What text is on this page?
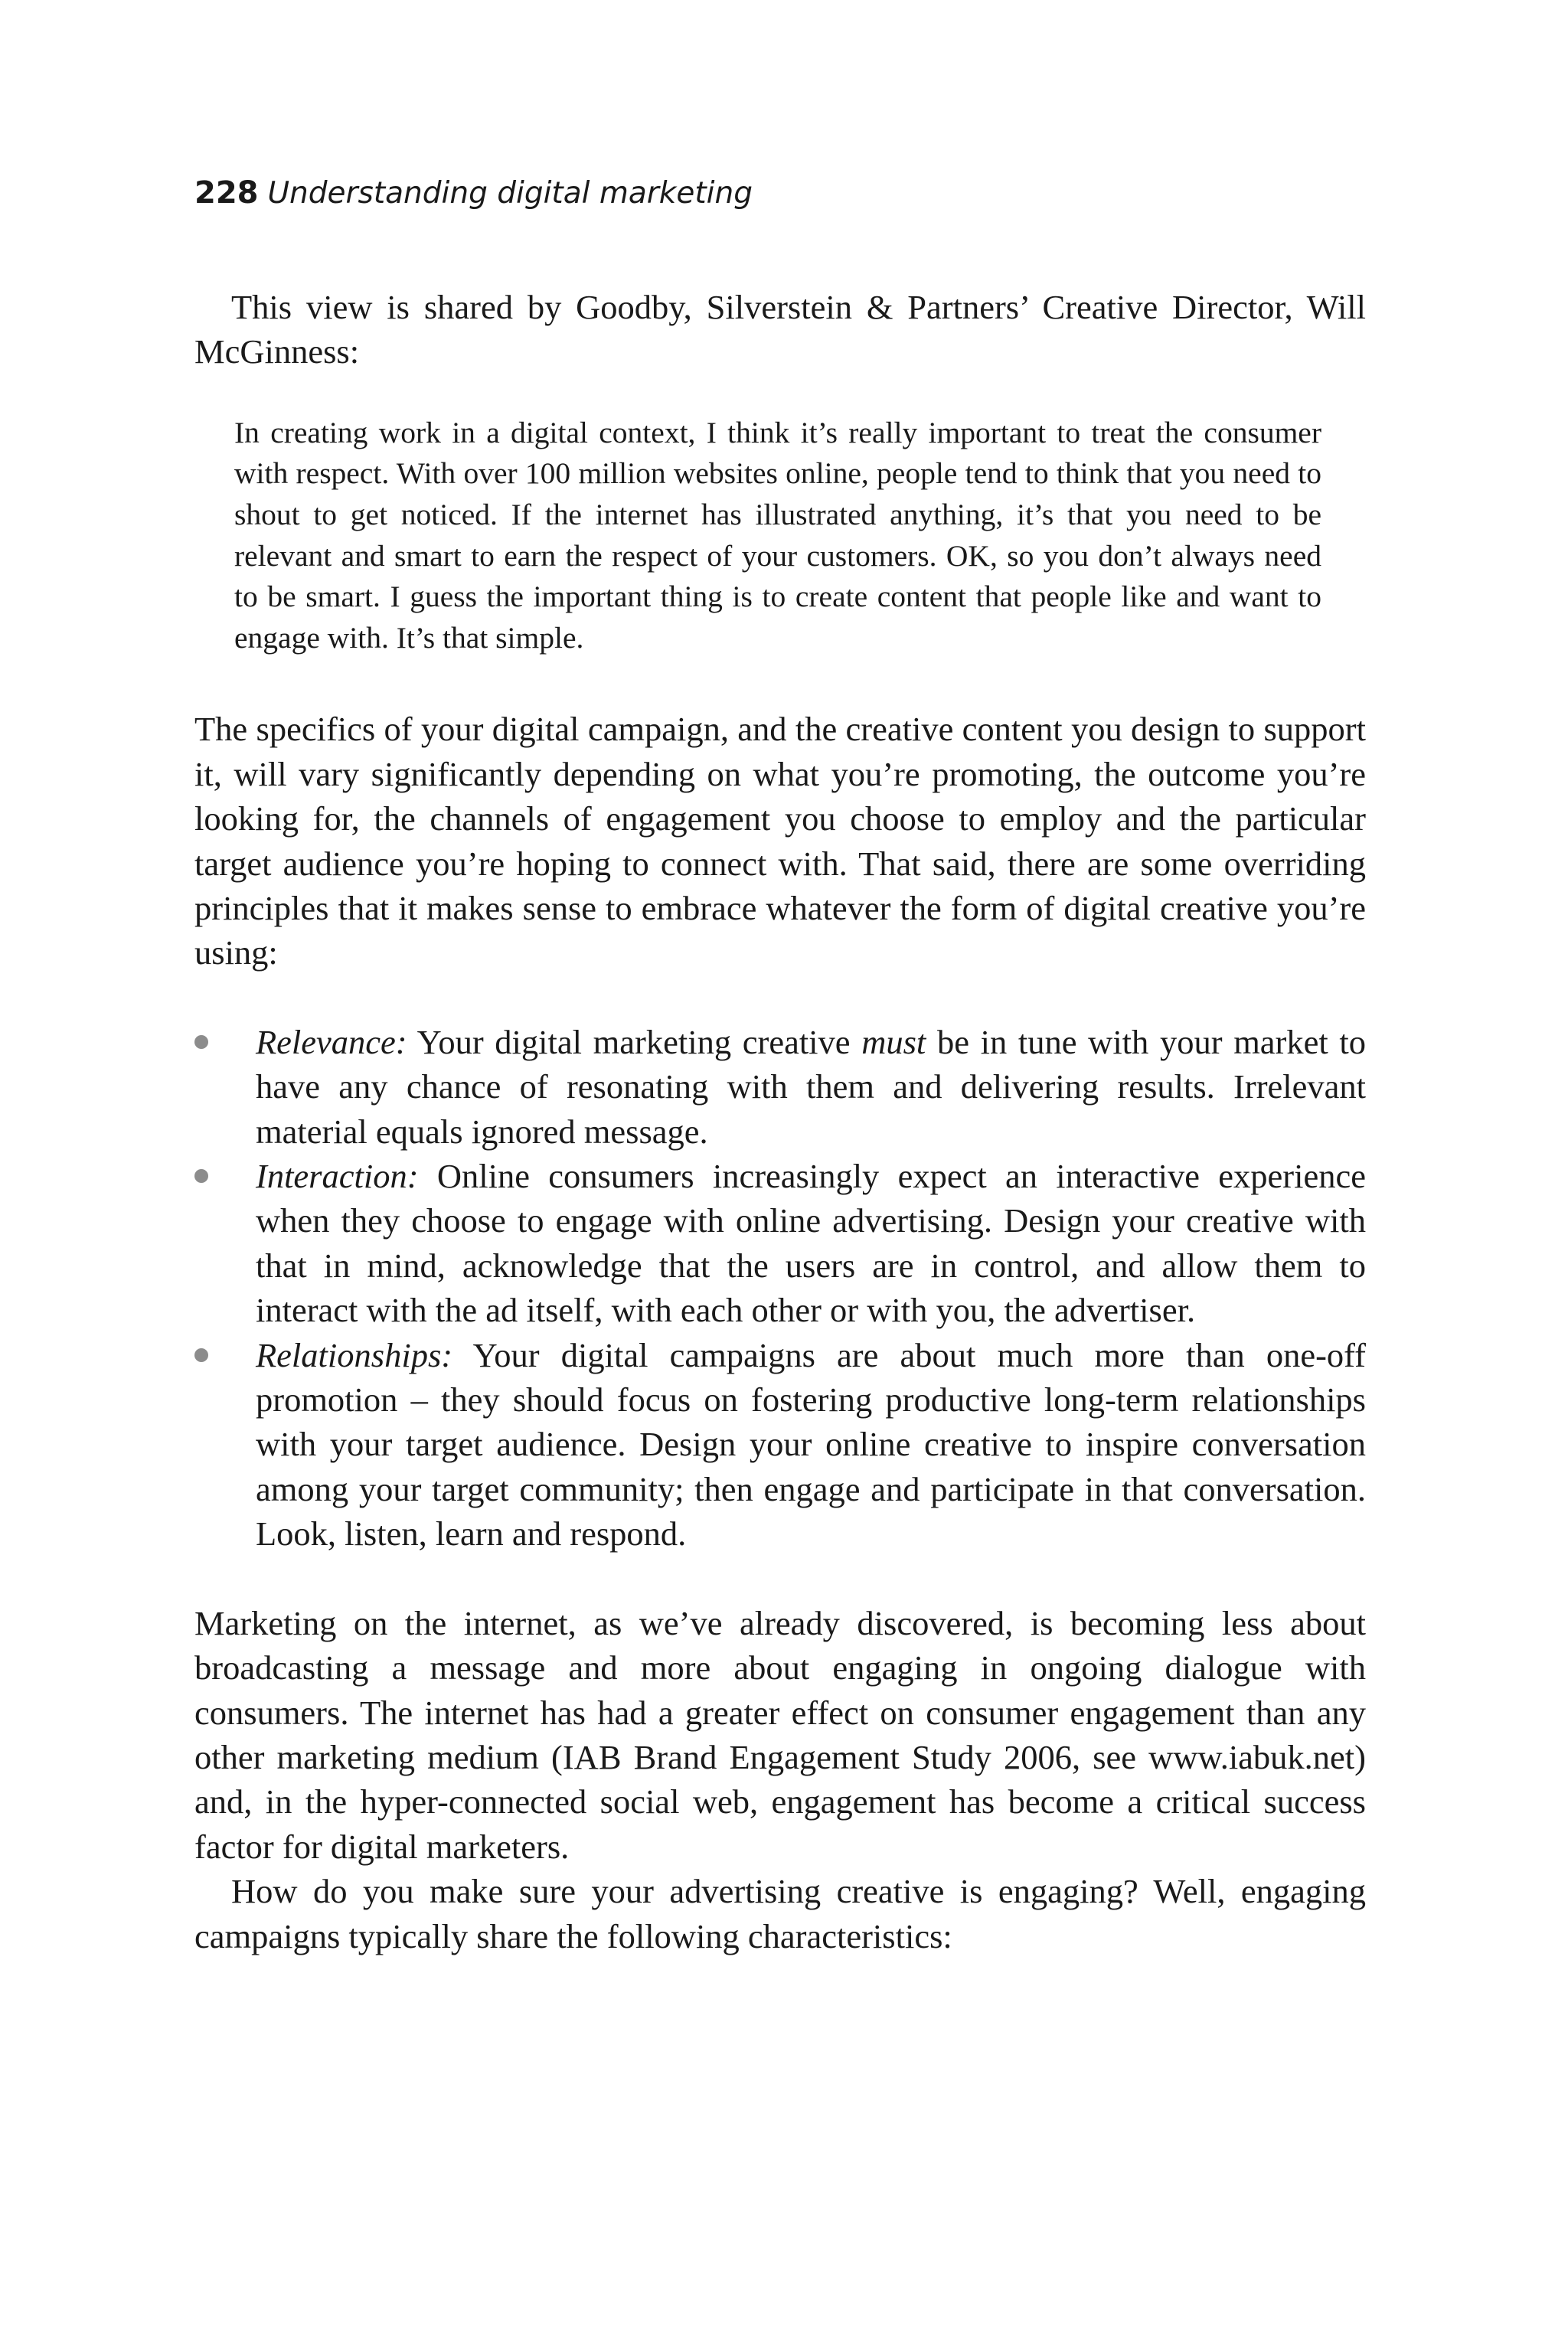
228 Understanding digital marketing

This view is shared by Goodby, Silverstein & Partners’ Creative Director, Will McGinness:

In creating work in a digital context, I think it’s really important to treat the consumer with respect. With over 100 million websites online, people tend to think that you need to shout to get noticed. If the internet has illustrated anything, it’s that you need to be relevant and smart to earn the respect of your customers. OK, so you don’t always need to be smart. I guess the important thing is to create content that people like and want to engage with. It’s that simple.

The specifics of your digital campaign, and the creative content you design to support it, will vary significantly depending on what you’re promoting, the outcome you’re looking for, the channels of engagement you choose to employ and the particular target audience you’re hoping to connect with. That said, there are some overriding principles that it makes sense to embrace whatever the form of digital creative you’re using:

Relevance: Your digital marketing creative must be in tune with your market to have any chance of resonating with them and delivering results. Irrelevant material equals ignored message.
Interaction: Online consumers increasingly expect an interactive experience when they choose to engage with online advertising. Design your creative with that in mind, acknowledge that the users are in control, and allow them to interact with the ad itself, with each other or with you, the advertiser.
Relationships: Your digital campaigns are about much more than one-off promotion – they should focus on fostering productive long-term relationships with your target audience. Design your online creative to inspire conversation among your target community; then engage and participate in that conversation. Look, listen, learn and respond.

Marketing on the internet, as we’ve already discovered, is becoming less about broadcasting a message and more about engaging in ongoing dialogue with consumers. The internet has had a greater effect on consumer engagement than any other marketing medium (IAB Brand Engagement Study 2006, see www.iabuk.net) and, in the hyper-connected social web, engagement has become a critical success factor for digital marketers.

How do you make sure your advertising creative is engaging? Well, engaging campaigns typically share the following characteristics:
